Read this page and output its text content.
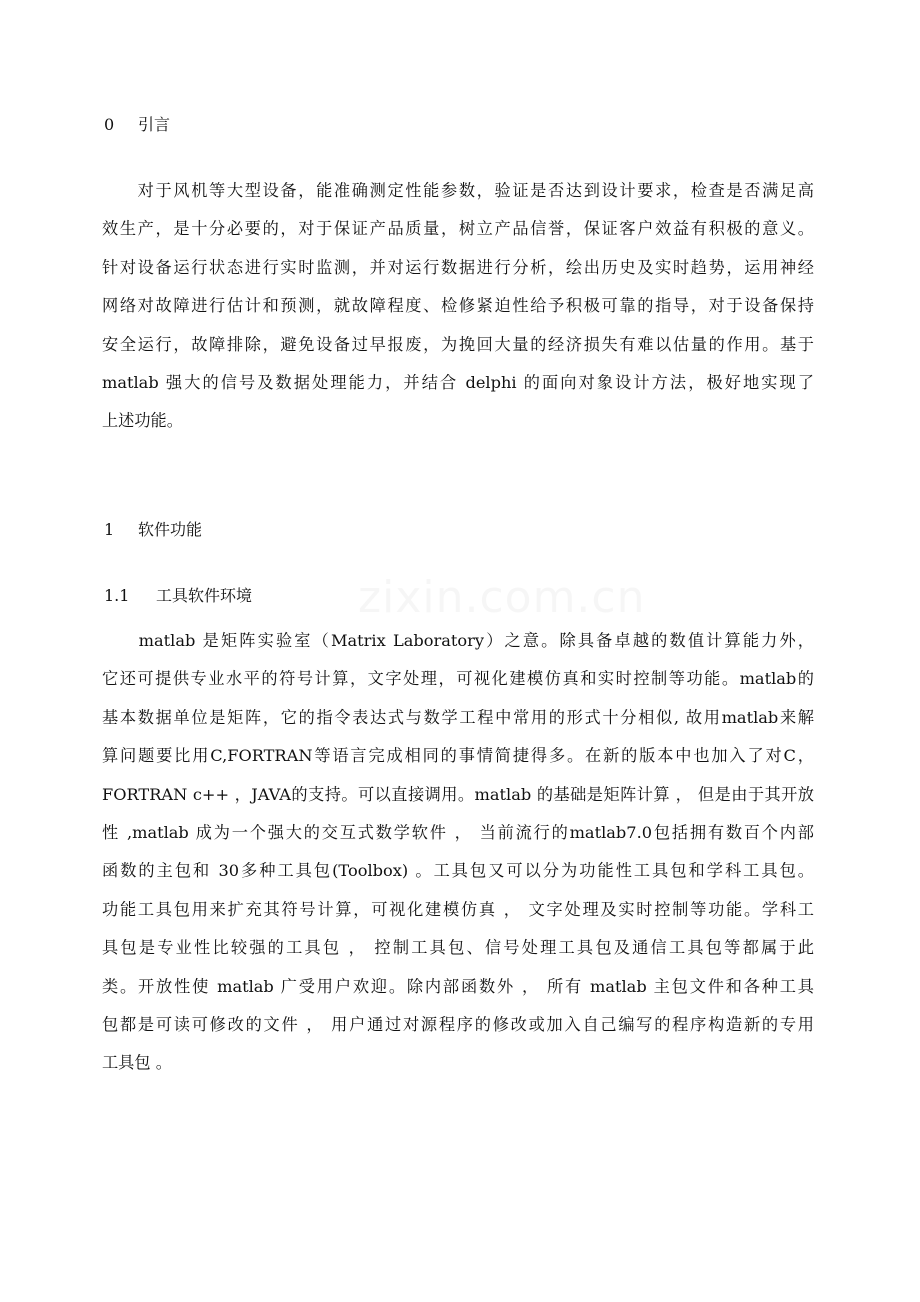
0 引言
　　对于风机等大型设备，能准确测定性能参数，验证是否达到设计要求，检查是否满足高
效生产，是十分必要的，对于保证产品质量，树立产品信誉，保证客户效益有积极的意义。
针对设备运行状态进行实时监测，并对运行数据进行分析，绘出历史及实时趋势，运用神经
网络对故障进行估计和预测，就故障程度、检修紧迫性给予积极可靠的指导，对于设备保持
安全运行，故障排除，避免设备过早报废，为挽回大量的经济损失有难以估量的作用。基于
matlab 强大的信号及数据处理能力，并结合 delphi 的面向对象设计方法，极好地实现了
上述功能。
1 软件功能
1.1 工具软件环境 zixin.com.cn
　　matlab 是矩阵实验室（Matrix Laboratory）之意。除具备卓越的数值计算能力外，
它还可提供专业水平的符号计算，文字处理，可视化建模仿真和实时控制等功能。matlab的
基本数据单位是矩阵，它的指令表达式与数学工程中常用的形式十分相似, 故用matlab来解
算问题要比用C,FORTRAN等语言完成相同的事情简捷得多。在新的版本中也加入了对C，
FORTRAN c++ ，JAVA的支持。可以直接调用。matlab 的基础是矩阵计算 ， 但是由于其开放
性 ,matlab 成为一个强大的交互式数学软件 ， 当前流行的matlab7.0包括拥有数百个内部
函数的主包和 30多种工具包(Toolbox) 。工具包又可以分为功能性工具包和学科工具包。
功能工具包用来扩充其符号计算，可视化建模仿真 ， 文字处理及实时控制等功能。学科工
具包是专业性比较强的工具包 ， 控制工具包、信号处理工具包及通信工具包等都属于此
类。开放性使 matlab 广受用户欢迎。除内部函数外 ， 所有 matlab 主包文件和各种工具
包都是可读可修改的文件 ， 用户通过对源程序的修改或加入自己编写的程序构造新的专用
工具包 。
